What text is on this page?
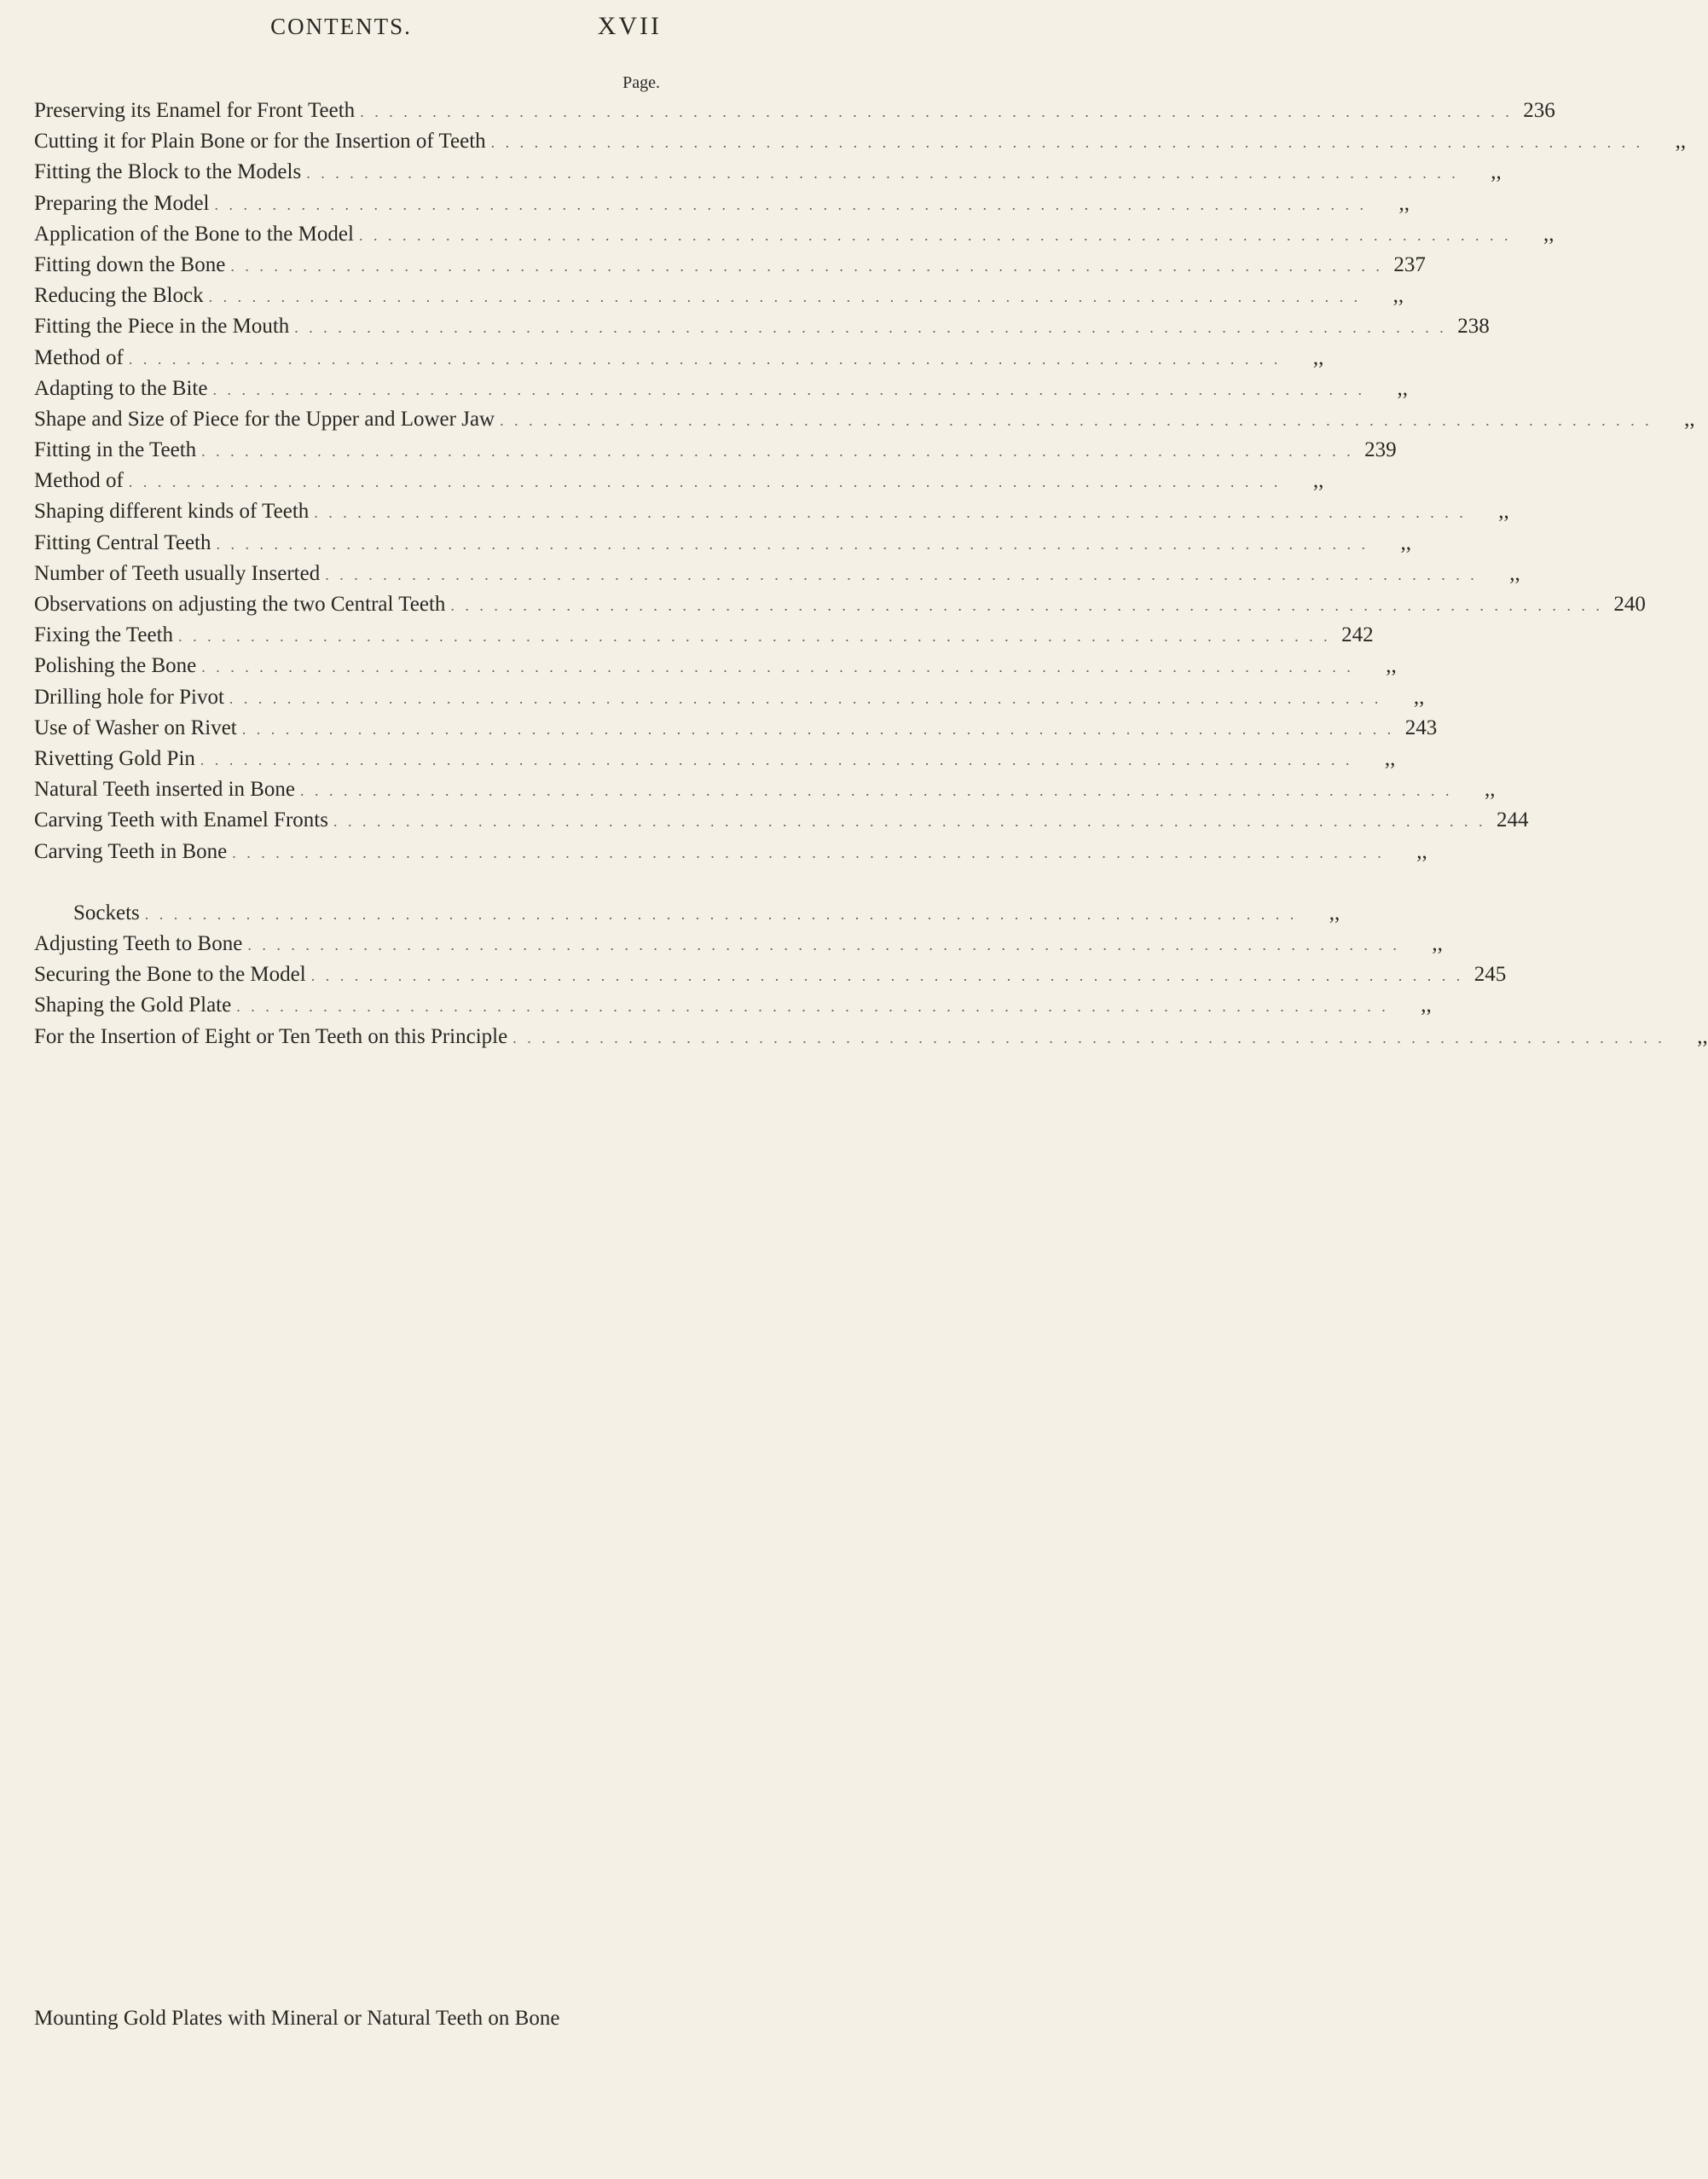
CONTENTS.	XVII
Page.
Preserving its Enamel for Front Teeth . . . . . . . . . . . . . . . . . . . . . . . . . . . . . . . . . . . . . . . . . . . . . . . . . . . . . . . . . . . . . . . . . . . . . . . . . . . . . . . . 236
Cutting it for Plain Bone or for the Insertion of Teeth . . . . . . . . . . . . . . . . . . . . . . . . . . . . . . . . . . . . . . . . . . . . . . . . . . . . . . . . . . . . . . . . . . . . . . . . . . . . . . . .	,,
Fitting the Block to the Models . . . . . . . . . . . . . . . . . . . . . . . . . . . . . . . . . . . . . . . . . . . . . . . . . . . . . . . . . . . . . . . . . . . . . . . . . . . . . . . .	,,
Preparing the Model . . . . . . . . . . . . . . . . . . . . . . . . . . . . . . . . . . . . . . . . . . . . . . . . . . . . . . . . . . . . . . . . . . . . . . . . . . . . . . . .	,,
Application of the Bone to the Model . . . . . . . . . . . . . . . . . . . . . . . . . . . . . . . . . . . . . . . . . . . . . . . . . . . . . . . . . . . . . . . . . . . . . . . . . . . . . . . .	,,
Fitting down the Bone . . . . . . . . . . . . . . . . . . . . . . . . . . . . . . . . . . . . . . . . . . . . . . . . . . . . . . . . . . . . . . . . . . . . . . . . . . . . . . . . 237
Reducing the Block . . . . . . . . . . . . . . . . . . . . . . . . . . . . . . . . . . . . . . . . . . . . . . . . . . . . . . . . . . . . . . . . . . . . . . . . . . . . . . . .	,,
Fitting the Piece in the Mouth . . . . . . . . . . . . . . . . . . . . . . . . . . . . . . . . . . . . . . . . . . . . . . . . . . . . . . . . . . . . . . . . . . . . . . . . . . . . . . . . 238
Method of . . . . . . . . . . . . . . . . . . . . . . . . . . . . . . . . . . . . . . . . . . . . . . . . . . . . . . . . . . . . . . . . . . . . . . . . . . . . . . . .	,,
Adapting to the Bite . . . . . . . . . . . . . . . . . . . . . . . . . . . . . . . . . . . . . . . . . . . . . . . . . . . . . . . . . . . . . . . . . . . . . . . . . . . . . . . .	,,
Shape and Size of Piece for the Upper and Lower Jaw . . . . . . . . . . . . . . . . . . . . . . . . . . . . . . . . . . . . . . . . . . . . . . . . . . . . . . . . . . . . . . . . . . . . . . . . . . . . . . . .	,,
Fitting in the Teeth . . . . . . . . . . . . . . . . . . . . . . . . . . . . . . . . . . . . . . . . . . . . . . . . . . . . . . . . . . . . . . . . . . . . . . . . . . . . . . . . 239
Method of . . . . . . . . . . . . . . . . . . . . . . . . . . . . . . . . . . . . . . . . . . . . . . . . . . . . . . . . . . . . . . . . . . . . . . . . . . . . . . . .	,,
Shaping different kinds of Teeth . . . . . . . . . . . . . . . . . . . . . . . . . . . . . . . . . . . . . . . . . . . . . . . . . . . . . . . . . . . . . . . . . . . . . . . . . . . . . . . .	,,
Fitting Central Teeth . . . . . . . . . . . . . . . . . . . . . . . . . . . . . . . . . . . . . . . . . . . . . . . . . . . . . . . . . . . . . . . . . . . . . . . . . . . . . . . .	,,
Number of Teeth usually Inserted . . . . . . . . . . . . . . . . . . . . . . . . . . . . . . . . . . . . . . . . . . . . . . . . . . . . . . . . . . . . . . . . . . . . . . . . . . . . . . . .	,,
Observations on adjusting the two Central Teeth . . . . . . . . . . . . . . . . . . . . . . . . . . . . . . . . . . . . . . . . . . . . . . . . . . . . . . . . . . . . . . . . . . . . . . . . . . . . . . . . 240
Fixing the Teeth . . . . . . . . . . . . . . . . . . . . . . . . . . . . . . . . . . . . . . . . . . . . . . . . . . . . . . . . . . . . . . . . . . . . . . . . . . . . . . . . 242
Polishing the Bone . . . . . . . . . . . . . . . . . . . . . . . . . . . . . . . . . . . . . . . . . . . . . . . . . . . . . . . . . . . . . . . . . . . . . . . . . . . . . . . .	,,
Drilling hole for Pivot . . . . . . . . . . . . . . . . . . . . . . . . . . . . . . . . . . . . . . . . . . . . . . . . . . . . . . . . . . . . . . . . . . . . . . . . . . . . . . . .	,,
Use of Washer on Rivet . . . . . . . . . . . . . . . . . . . . . . . . . . . . . . . . . . . . . . . . . . . . . . . . . . . . . . . . . . . . . . . . . . . . . . . . . . . . . . . . 243
Rivetting Gold Pin . . . . . . . . . . . . . . . . . . . . . . . . . . . . . . . . . . . . . . . . . . . . . . . . . . . . . . . . . . . . . . . . . . . . . . . . . . . . . . . .	,,
Natural Teeth inserted in Bone . . . . . . . . . . . . . . . . . . . . . . . . . . . . . . . . . . . . . . . . . . . . . . . . . . . . . . . . . . . . . . . . . . . . . . . . . . . . . . . .	,,
Carving Teeth with Enamel Fronts . . . . . . . . . . . . . . . . . . . . . . . . . . . . . . . . . . . . . . . . . . . . . . . . . . . . . . . . . . . . . . . . . . . . . . . . . . . . . . . . 244
Carving Teeth in Bone . . . . . . . . . . . . . . . . . . . . . . . . . . . . . . . . . . . . . . . . . . . . . . . . . . . . . . . . . . . . . . . . . . . . . . . . . . . . . . . .	,,
Mounting Gold Plates with Mineral or Natural Teeth on Bone
Sockets . . . . . . . . . . . . . . . . . . . . . . . . . . . . . . . . . . . . . . . . . . . . . . . . . . . . . . . . . . . . . . . . . . . . . . . . . . . . . . . .	,,
Adjusting Teeth to Bone . . . . . . . . . . . . . . . . . . . . . . . . . . . . . . . . . . . . . . . . . . . . . . . . . . . . . . . . . . . . . . . . . . . . . . . . . . . . . . . .	,,
Securing the Bone to the Model . . . . . . . . . . . . . . . . . . . . . . . . . . . . . . . . . . . . . . . . . . . . . . . . . . . . . . . . . . . . . . . . . . . . . . . . . . . . . . . . 245
Shaping the Gold Plate . . . . . . . . . . . . . . . . . . . . . . . . . . . . . . . . . . . . . . . . . . . . . . . . . . . . . . . . . . . . . . . . . . . . . . . . . . . . . . . .	,,
For the Insertion of Eight or Ten Teeth on this Principle . . . . . . . . . . . . . . . . . . . . . . . . . . . . . . . . . . . . . . . . . . . . . . . . . . . . . . . . . . . . . . . . . . . . . . . . . . . . . . . .	,,
